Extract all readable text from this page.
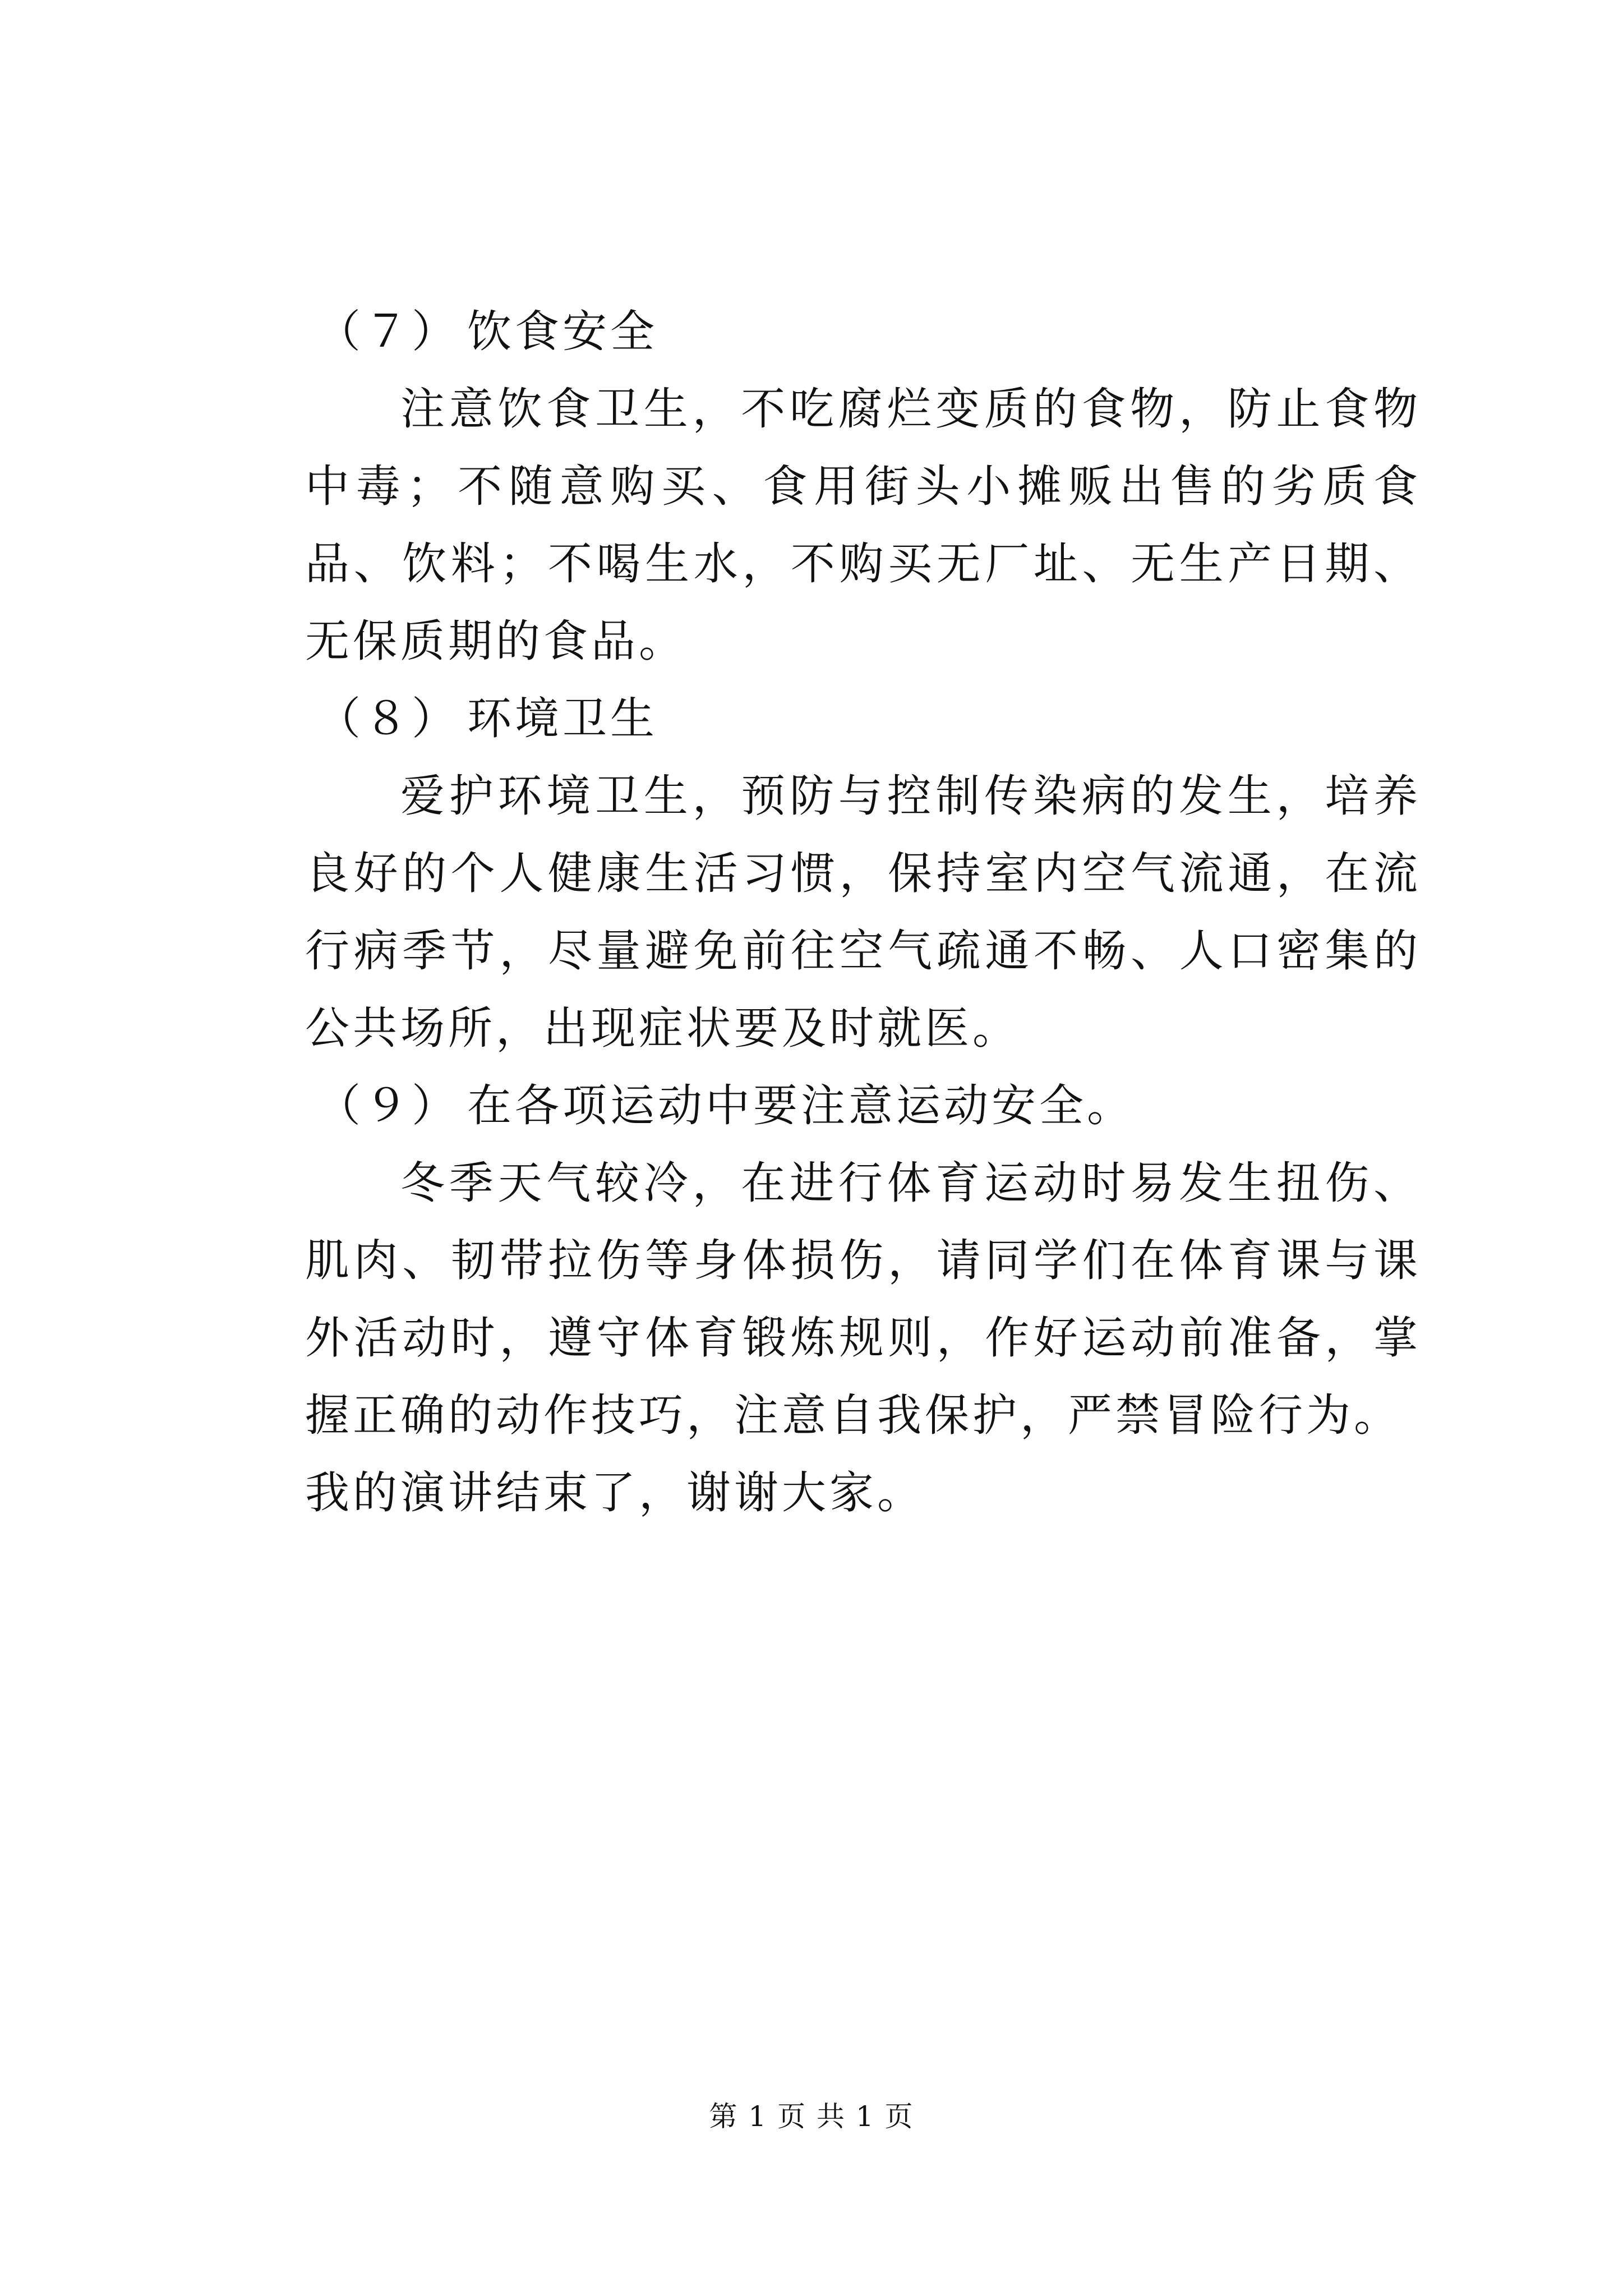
（７） 饮食安全

注意饮食卫生，不吃腐烂变质的食物，防止食物中毒；不随意购买、食用街头小摊贩出售的劣质食品、饮料；不喝生水，不购买无厂址、无生产日期、无保质期的食品。

（８） 环境卫生

爱护环境卫生，预防与控制传染病的发生，培养良好的个人健康生活习惯，保持室内空气流通，在流行病季节，尽量避免前往空气疏通不畅、人口密集的公共场所，出现症状要及时就医。

（９） 在各项运动中要注意运动安全。

冬季天气较冷，在进行体育运动时易发生扭伤、肌肉、韧带拉伤等身体损伤，请同学们在体育课与课外活动时，遵守体育锻炼规则，作好运动前准备，掌握正确的动作技巧，注意自我保护，严禁冒险行为。

我的演讲结束了，谢谢大家。

第 1 页 共 1 页
